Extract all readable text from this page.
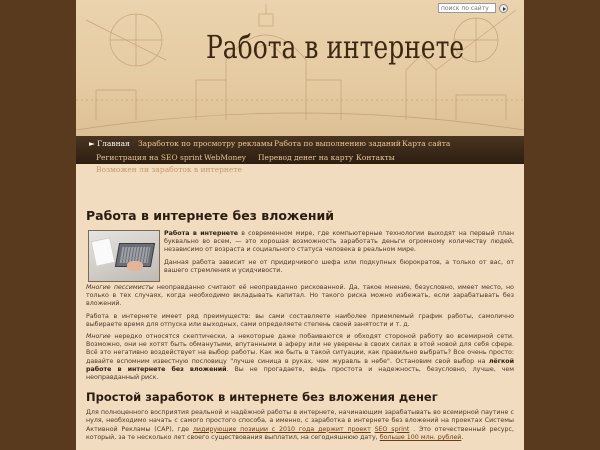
Работа в интернете
поиск по сайту
► Главная Заработок по просмотру рекламы Работа по выполнению заданий Карта сайта
Регистрация на SEO sprint WebMoney Перевод денег на карту Контакты
Возможен ли заработок в интернете
Работа в интернете без вложений

Работа в интернете в современном мире, где компьютерные технологии выходят на первый план буквально во всем, — это хорошая возможность заработать деньги огромному количеству людей, независимо от возраста и социального статуса человека в реальном мире.

Данная работа зависит не от придирчивого шефа или подкупных бюрократов, а только от вас, от вашего стремления и усидчивости.

Многие пессимисты неоправданно считают её неоправданно рискованной. Да, такое мнение, безусловно, имеет место, но только в тех случаях, когда необходимо вкладывать капитал. Но такого риска можно избежать, если зарабатывать без вложений.

Работа в интернете имеет ряд преимуществ: вы сами составляете наиболее приемлемый график работы, самолично выбираете время для отпуска или выходных, сами определяете степень своей занятости и т. д.

Многие нередко относятся скептически, а некоторые даже побаиваются и обходят стороной работу во всемирной сети. Возможно, они не хотят быть обманутыми, впутанными в аферу или не уверены в своих силах в этой новой для себя сфере. Всё это негативно воздействует на выбор работы. Как же быть в такой ситуации, как правильно выбрать? Все очень просто: давайте вспомним известную пословицу "лучше синица в руках, чем журавль в небе". Остановим свой выбор на лёгкой работе в интернете без вложений. Вы не прогадаете, ведь простота и надежность, безусловно, лучше, чем неоправданный риск.

Простой заработок в интернете без вложения денег

Для полноценного восприятия реальной и надёжной работы в интернете, начинающим зарабатывать во всемирной паутине с нуля, необходимо начать с самого простого способа, а именно, с заработка в интернете без вложений на проектах Системы Активной Рекламы (САР), где лидирующие позиции с 2010 года держит проект SEO sprint . Это отечественный ресурс, который, за те несколько лет своего существования выплатил, на сегодняшнюю дату, больше 100 млн. рублей.
